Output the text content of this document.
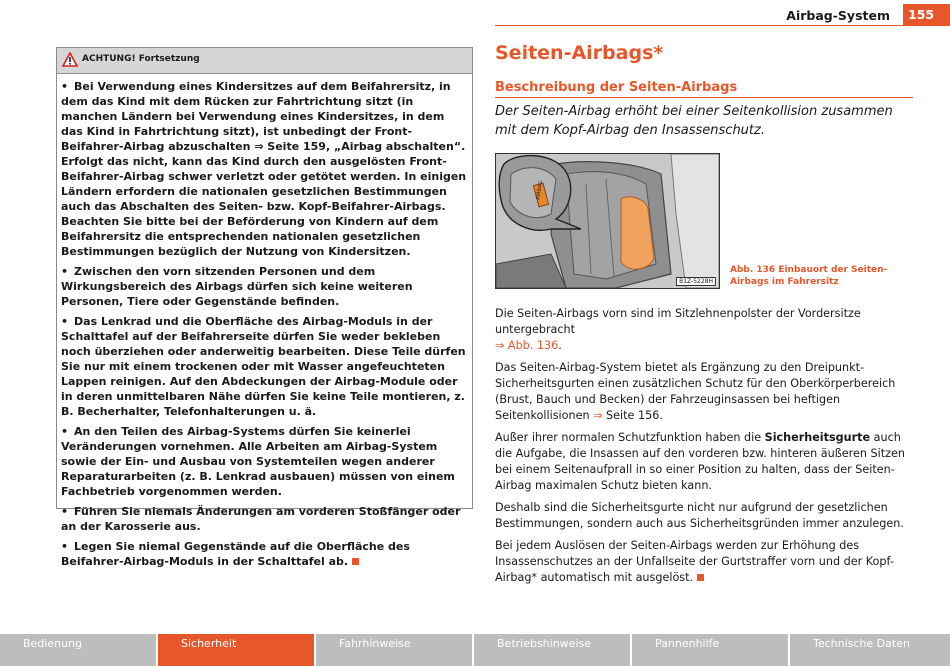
Airbag-System	155
ACHTUNG! Fortsetzung

• Bei Verwendung eines Kindersitzes auf dem Beifahrersitz, in dem das Kind mit dem Rücken zur Fahrtrichtung sitzt (in manchen Ländern bei Verwendung eines Kindersitzes, in dem das Kind in Fahrtrichtung sitzt), ist unbedingt der Front-Beifahrer-Airbag abzuschalten ⇒ Seite 159, „Airbag abschalten“. Erfolgt das nicht, kann das Kind durch den ausgelösten Front-Beifahrer-Airbag schwer verletzt oder getötet werden. In einigen Ländern erfordern die nationalen gesetzlichen Bestimmungen auch das Abschalten des Seiten- bzw. Kopf-Beifahrer-Airbags. Beachten Sie bitte bei der Beförderung von Kindern auf dem Beifahrersitz die entsprechenden nationalen gesetzlichen Bestimmungen bezüglich der Nutzung von Kindersitzen.

• Zwischen den vorn sitzenden Personen und dem Wirkungsbereich des Airbags dürfen sich keine weiteren Personen, Tiere oder Gegenstände befinden.

• Das Lenkrad und die Oberfläche des Airbag-Moduls in der Schalttafel auf der Beifahrerseite dürfen Sie weder bekleben noch überziehen oder anderweitig bearbeiten. Diese Teile dürfen Sie nur mit einem trockenen oder mit Wasser angefeuchteten Lappen reinigen. Auf den Abdeckungen der Airbag-Module oder in deren unmittelbaren Nähe dürfen Sie keine Teile montieren, z. B. Becherhalter, Telefonhalterungen u. ä.

• An den Teilen des Airbag-Systems dürfen Sie keinerlei Veränderungen vornehmen. Alle Arbeiten am Airbag-System sowie der Ein- und Ausbau von Systemteilen wegen anderer Reparaturarbeiten (z. B. Lenkrad ausbauen) müssen von einem Fachbetrieb vorgenommen werden.

• Führen Sie niemals Änderungen am vorderen Stoßfänger oder an der Karosserie aus.

• Legen Sie niemal Gegenstände auf die Oberfläche des Beifahrer-Airbag-Moduls in der Schalttafel ab.

Seiten-Airbags*
Beschreibung der Seiten-Airbags
Der Seiten-Airbag erhöht bei einer Seitenkollision zusammen mit dem Kopf-Airbag den Insassenschutz.
AIRBAG
B1Z-5228H
Abb. 136 Einbauort der Seiten-Airbags im Fahrersitz

Die Seiten-Airbags vorn sind im Sitzlehnenpolster der Vordersitze untergebracht
⇒ Abb. 136.

Das Seiten-Airbag-System bietet als Ergänzung zu den Dreipunkt-Sicherheitsgurten einen zusätzlichen Schutz für den Oberkörperbereich (Brust, Bauch und Becken) der Fahrzeuginsassen bei heftigen Seitenkollisionen ⇒ Seite 156.

Außer ihrer normalen Schutzfunktion haben die Sicherheitsgurte auch die Aufgabe, die Insassen auf den vorderen bzw. hinteren äußeren Sitzen bei einem Seitenaufprall in so einer Position zu halten, dass der Seiten-Airbag maximalen Schutz bieten kann.

Deshalb sind die Sicherheitsgurte nicht nur aufgrund der gesetzlichen Bestimmungen, sondern auch aus Sicherheitsgründen immer anzulegen.

Bei jedem Auslösen der Seiten-Airbags werden zur Erhöhung des Insassenschutzes an der Unfallseite der Gurtstraffer vorn und der Kopf-Airbag* automatisch mit ausgelöst.

Bedienung	Sicherheit	Fahrhinweise	Betriebshinweise	Pannenhilfe	Technische Daten
